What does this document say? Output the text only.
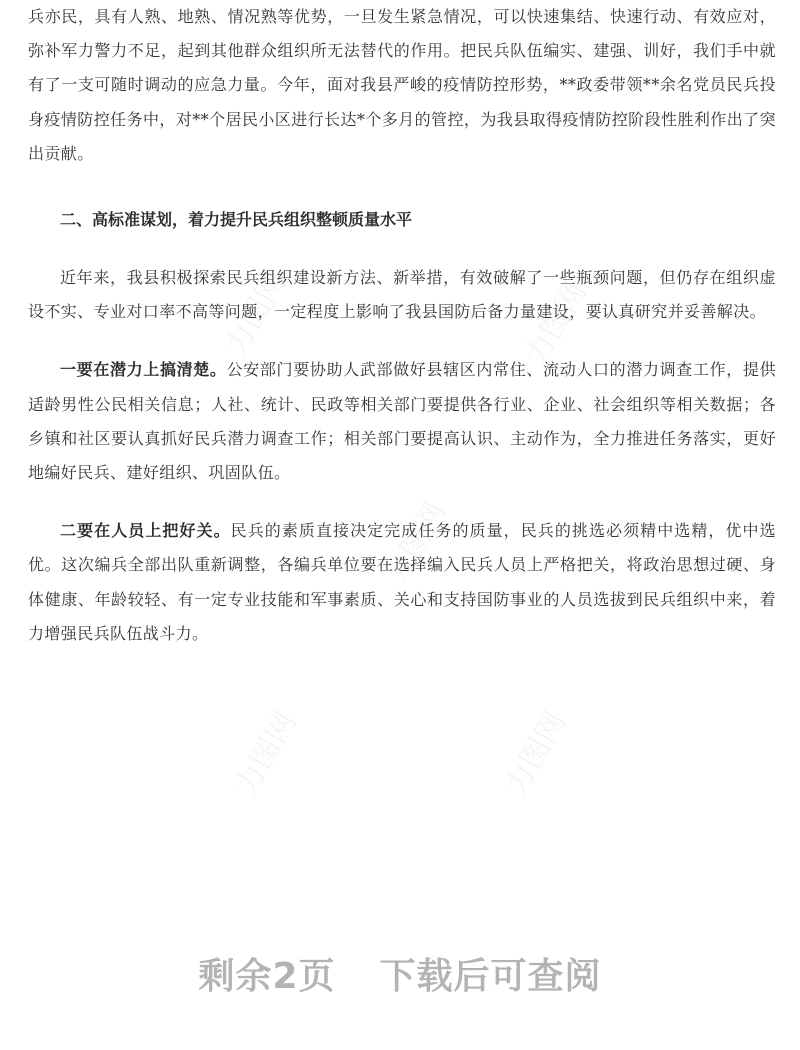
力图网	力图网
力图网
力图网	力图网

兵亦民，具有人熟、地熟、情况熟等优势，一旦发生紧急情况，可以快速集结、快速行动、有效应对，弥补军力警力不足，起到其他群众组织所无法替代的作用。把民兵队伍编实、建强、训好，我们手中就有了一支可随时调动的应急力量。今年，面对我县严峻的疫情防控形势，**政委带领**余名党员民兵投身疫情防控任务中，对**个居民小区进行长达*个多月的管控，为我县取得疫情防控阶段性胜利作出了突出贡献。

二、高标准谋划，着力提升民兵组织整顿质量水平

近年来，我县积极探索民兵组织建设新方法、新举措，有效破解了一些瓶颈问题，但仍存在组织虚设不实、专业对口率不高等问题，一定程度上影响了我县国防后备力量建设，要认真研究并妥善解决。

一要在潜力上搞清楚。公安部门要协助人武部做好县辖区内常住、流动人口的潜力调查工作，提供适龄男性公民相关信息；人社、统计、民政等相关部门要提供各行业、企业、社会组织等相关数据；各乡镇和社区要认真抓好民兵潜力调查工作；相关部门要提高认识、主动作为，全力推进任务落实，更好地编好民兵、建好组织、巩固队伍。

二要在人员上把好关。民兵的素质直接决定完成任务的质量，民兵的挑选必须精中选精，优中选优。这次编兵全部出队重新调整，各编兵单位要在选择编入民兵人员上严格把关，将政治思想过硬、身体健康、年龄较轻、有一定专业技能和军事素质、关心和支持国防事业的人员选拔到民兵组织中来，着力增强民兵队伍战斗力。

剩余2页 下载后可查阅
